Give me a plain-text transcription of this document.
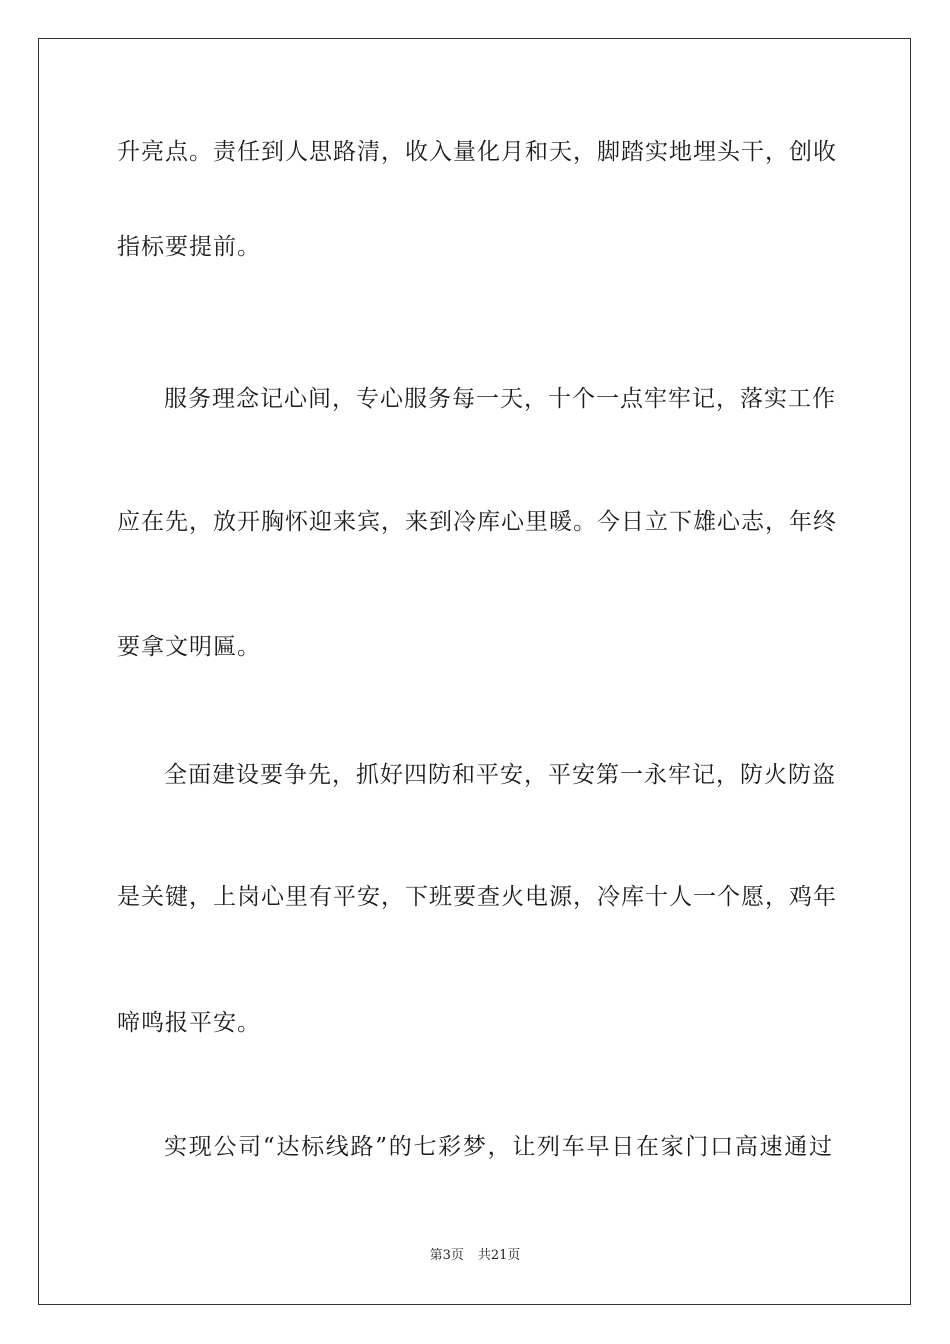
升亮点。责任到人思路清，收入量化月和天，脚踏实地埋头干，创收
指标要提前。
服务理念记心间，专心服务每一天，十个一点牢牢记，落实工作
应在先，放开胸怀迎来宾，来到冷库心里暖。今日立下雄心志，年终
要拿文明匾。
全面建设要争先，抓好四防和平安，平安第一永牢记，防火防盗
是关键，上岗心里有平安，下班要查火电源，冷库十人一个愿，鸡年
啼鸣报平安。
实现公司“达标线路”的七彩梦，让列车早日在家门口高速通过
第3页 共21页
